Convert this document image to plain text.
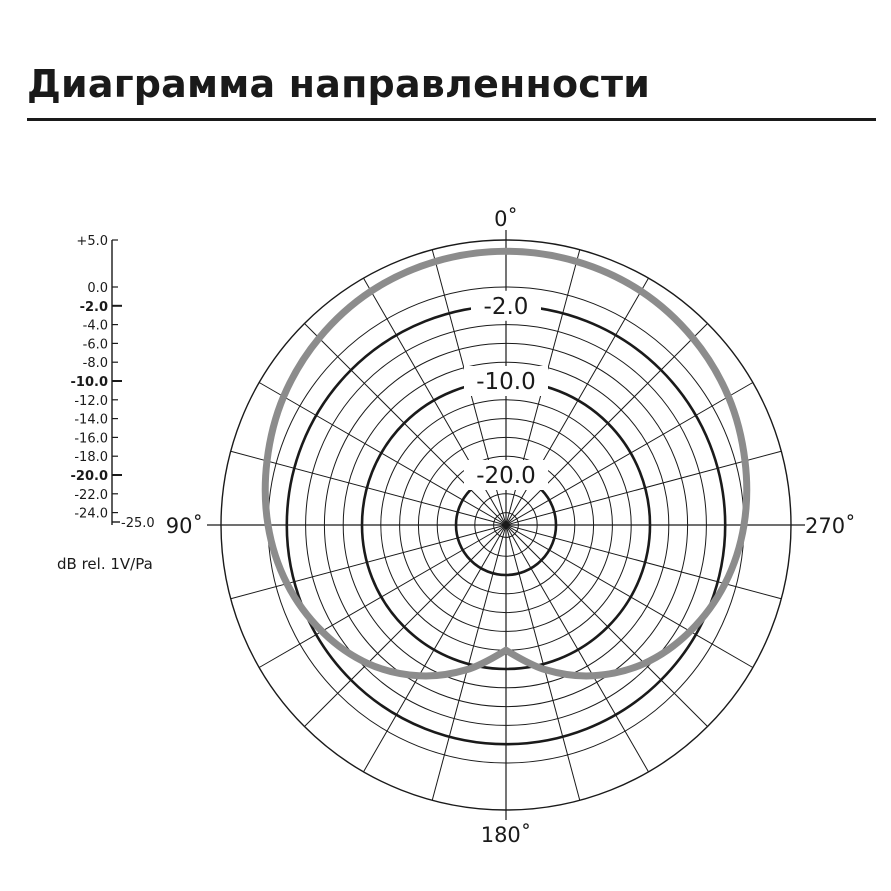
Диаграмма направленности
+5.0
0.0
-2.0
-4.0
-6.0
-8.0
-10.0
-12.0
-14.0
-16.0
-18.0
-20.0
-22.0
-24.0
-25.0
-2.0
-10.0
-20.0
0˚
90˚
180˚
270˚
dB rel. 1V/Pa
